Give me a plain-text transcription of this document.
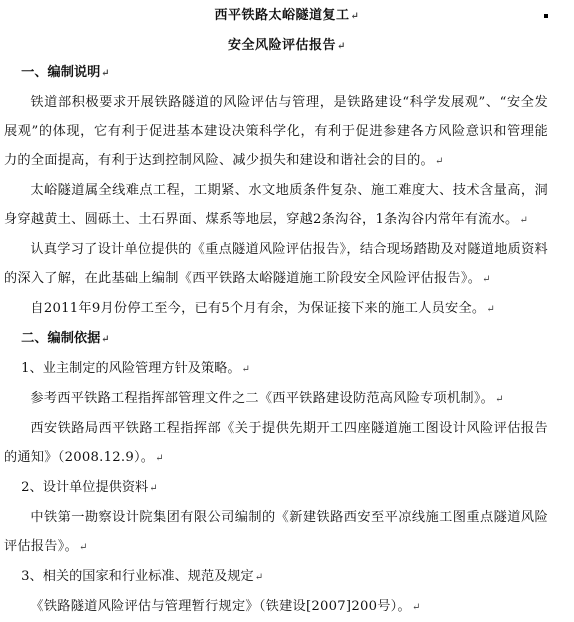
西平铁路太峪隧道复工↵
安全风险评估报告↵
一、编制说明↵

铁道部积极要求开展铁路隧道的风险评估与管理，是铁路建设“科学发展观”、“安全发展观”的体现，它有利于促进基本建设决策科学化，有利于促进参建各方风险意识和管理能力的全面提高，有利于达到控制风险、减少损失和建设和谐社会的目的。↵

太峪隧道属全线难点工程，工期紧、水文地质条件复杂、施工难度大、技术含量高，洞身穿越黄土、圆砾土、土石界面、煤系等地层，穿越2条沟谷，1条沟谷内常年有流水。↵

认真学习了设计单位提供的《重点隧道风险评估报告》，结合现场踏勘及对隧道地质资料的深入了解，在此基础上编制《西平铁路太峪隧道施工阶段安全风险评估报告》。↵

自2011年9月份停工至今，已有5个月有余，为保证接下来的施工人员安全。↵

二、编制依据↵
1、业主制定的风险管理方针及策略。↵

参考西平铁路工程指挥部管理文件之二《西平铁路建设防范高风险专项机制》。↵

西安铁路局西平铁路工程指挥部《关于提供先期开工四座隧道施工图设计风险评估报告的通知》（2008.12.9）。↵

2、设计单位提供资料↵

中铁第一勘察设计院集团有限公司编制的《新建铁路西安至平凉线施工图重点隧道风险评估报告》。↵

3、相关的国家和行业标准、规范及规定↵

《铁路隧道风险评估与管理暂行规定》（铁建设[2007]200号）。↵
